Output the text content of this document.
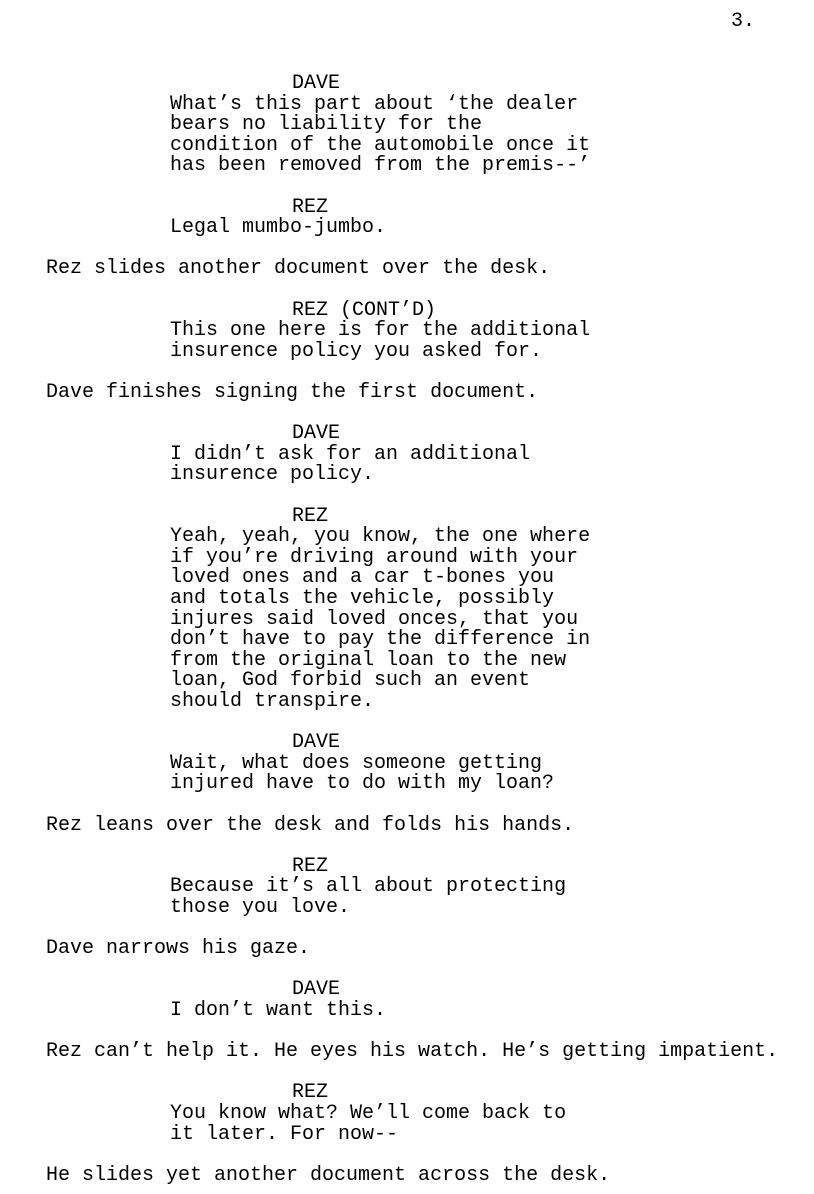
3.
DAVE
What’s this part about ‘the dealer
bears no liability for the
condition of the automobile once it
has been removed from the premis--’
REZ
Legal mumbo-jumbo.
Rez slides another document over the desk.
REZ (CONT’D)
This one here is for the additional
insurence policy you asked for.
Dave finishes signing the first document.
DAVE
I didn’t ask for an additional
insurence policy.
REZ
Yeah, yeah, you know, the one where
if you’re driving around with your
loved ones and a car t-bones you
and totals the vehicle, possibly
injures said loved onces, that you
don’t have to pay the difference in
from the original loan to the new
loan, God forbid such an event
should transpire.
DAVE
Wait, what does someone getting
injured have to do with my loan?
Rez leans over the desk and folds his hands.
REZ
Because it’s all about protecting
those you love.
Dave narrows his gaze.
DAVE
I don’t want this.
Rez can’t help it. He eyes his watch. He’s getting impatient.
REZ
You know what? We’ll come back to
it later. For now--
He slides yet another document across the desk.
